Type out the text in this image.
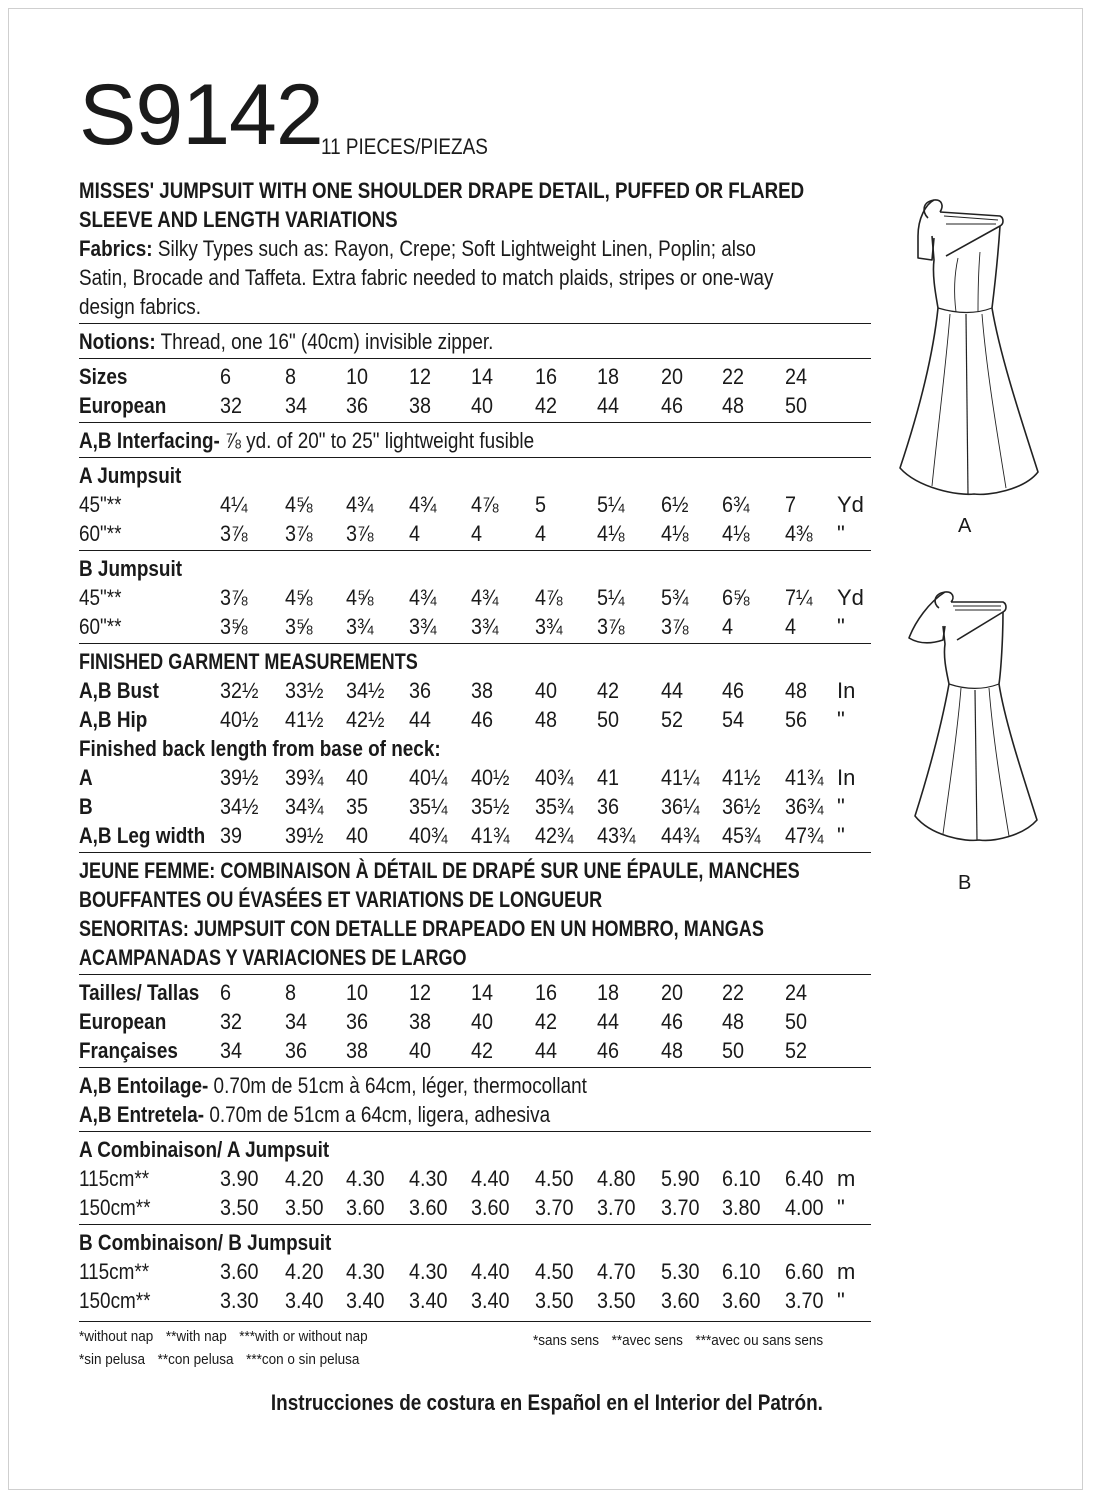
S9142
11 PIECES/PIEZAS
MISSES' JUMPSUIT WITH ONE SHOULDER DRAPE DETAIL, PUFFED OR FLARED
SLEEVE AND LENGTH VARIATIONS
Fabrics: Silky Types such as: Rayon, Crepe; Soft Lightweight Linen, Poplin; also
Satin, Brocade and Taffeta. Extra fabric needed to match plaids, stripes or one-way
design fabrics.
Notions: Thread, one 16" (40cm) invisible zipper.
Sizes	6 8 10 12 14 16 18 20 22 24
European 32 34 36 38 40 42 44 46 48 50
A,B Interfacing- ⅞ yd. of 20" to 25" lightweight fusible
A Jumpsuit
45"**	4¼ 4⅝ 4¾ 4¾ 4⅞ 5 5¼ 6½ 6¾ 7 Yd
60"**	3⅞ 3⅞ 3⅞ 4 4 4 4⅛ 4⅛ 4⅛ 4⅜ "
B Jumpsuit
45"**	3⅞ 4⅝ 4⅝ 4¾ 4¾ 4⅞ 5¼ 5¾ 6⅝ 7¼ Yd
60"**	3⅝ 3⅝ 3¾ 3¾ 3¾ 3¾ 3⅞ 3⅞ 4 4 "
FINISHED GARMENT MEASUREMENTS
A,B Bust	32½ 33½ 34½ 36 38 40 42 44 46 48 In
A,B Hip	40½ 41½ 42½ 44 46 48 50 52 54 56 "
Finished back length from base of neck:
A	39½ 39¾ 40 40¼ 40½ 40¾ 41 41¼ 41½ 41¾ In
B	34½ 34¾ 35 35¼ 35½ 35¾ 36 36¼ 36½ 36¾ "
A,B Leg width 39 39½ 40 40¾ 41¾ 42¾ 43¾ 44¾ 45¾ 47¾ "
JEUNE FEMME: COMBINAISON À DÉTAIL DE DRAPÉ SUR UNE ÉPAULE, MANCHES
BOUFFANTES OU ÉVASÉES ET VARIATIONS DE LONGUEUR
SENORITAS: JUMPSUIT CON DETALLE DRAPEADO EN UN HOMBRO, MANGAS
ACAMPANADAS Y VARIACIONES DE LARGO
Tailles/ Tallas 6 8 10 12 14 16 18 20 22 24
European 32 34 36 38 40 42 44 46 48 50
Françaises 34 36 38 40 42 44 46 48 50 52
A,B Entoilage- 0.70m de 51cm à 64cm, léger, thermocollant
A,B Entretela- 0.70m de 51cm a 64cm, ligera, adhesiva
A Combinaison/ A Jumpsuit
115cm**	3.90 4.20 4.30 4.30 4.40 4.50 4.80 5.90 6.10 6.40 m
150cm**	3.50 3.50 3.60 3.60 3.60 3.70 3.70 3.70 3.80 4.00 "
B Combinaison/ B Jumpsuit
115cm**	3.60 4.20 4.30 4.30 4.40 4.50 4.70 5.30 6.10 6.60 m
150cm**	3.30 3.40 3.40 3.40 3.40 3.50 3.50 3.60 3.60 3.70 "
*without nap **with nap ***with or without nap
*sin pelusa **con pelusa ***con o sin pelusa
*sans sens **avec sens ***avec ou sans sens
Instrucciones de costura en Español en el Interior del Patrón.
A
B
